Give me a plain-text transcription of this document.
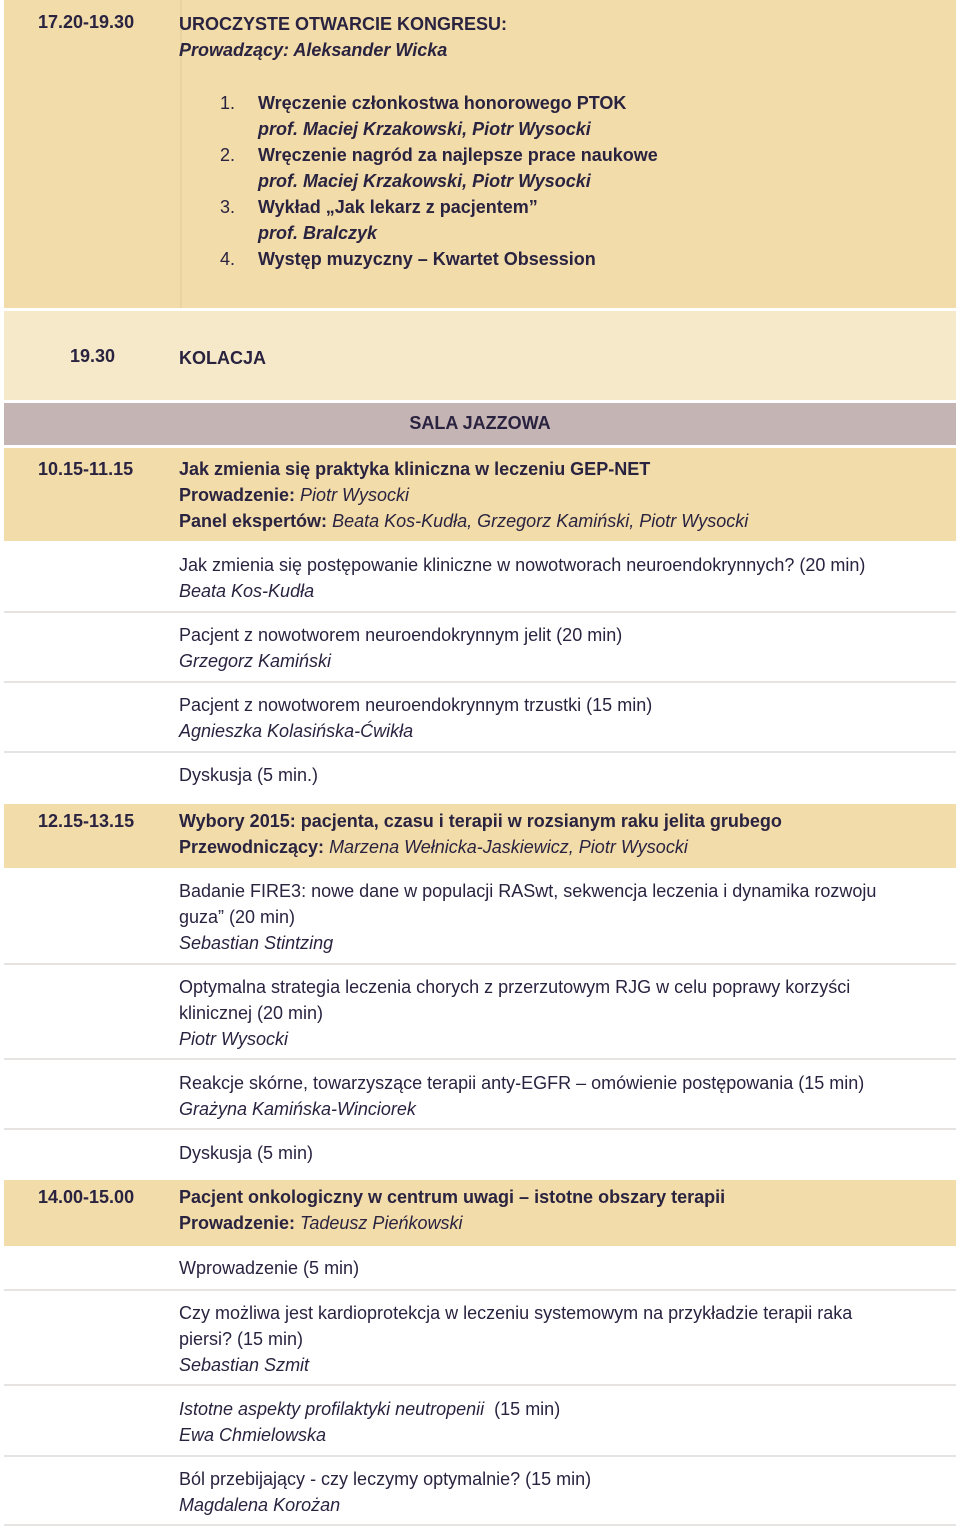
17.20-19.30 UROCZYSTE OTWARCIE KONGRESU:
Prowadzący: Aleksander Wicka
1. Wręczenie członkostwa honorowego PTOK
prof. Maciej Krzakowski, Piotr Wysocki
2. Wręczenie nagród za najlepsze prace naukowe
prof. Maciej Krzakowski, Piotr Wysocki
3. Wykład „Jak lekarz z pacjentem”
prof. Bralczyk
4. Występ muzyczny – Kwartet Obsession
19.30	KOLACJA
SALA JAZZOWA
10.15-11.15	Jak zmienia się praktyka kliniczna w leczeniu GEP-NET
Prowadzenie: Piotr Wysocki
Panel ekspertów: Beata Kos-Kudła, Grzegorz Kamiński, Piotr Wysocki
Jak zmienia się postępowanie kliniczne w nowotworach neuroendokrynnych? (20 min)
Beata Kos-Kudła
Pacjent z nowotworem neuroendokrynnym jelit (20 min)
Grzegorz Kamiński
Pacjent z nowotworem neuroendokrynnym trzustki (15 min)
Agnieszka Kolasińska-Ćwikła
Dyskusja (5 min.)
12.15-13.15 Wybory 2015: pacjenta, czasu i terapii w rozsianym raku jelita grubego
Przewodniczący: Marzena Wełnicka-Jaskiewicz, Piotr Wysocki
Badanie FIRE3: nowe dane w populacji RASwt, sekwencja leczenia i dynamika rozwoju
guza” (20 min)
Sebastian Stintzing
Optymalna strategia leczenia chorych z przerzutowym RJG w celu poprawy korzyści
klinicznej (20 min)
Piotr Wysocki
Reakcje skórne, towarzyszące terapii anty-EGFR – omówienie postępowania (15 min)
Grażyna Kamińska-Winciorek
Dyskusja (5 min)
14.00-15.00 Pacjent onkologiczny w centrum uwagi – istotne obszary terapii
Prowadzenie: Tadeusz Pieńkowski
Wprowadzenie (5 min)
Czy możliwa jest kardioprotekcja w leczeniu systemowym na przykładzie terapii raka
piersi? (15 min)
Sebastian Szmit
Istotne aspekty profilaktyki neutropenii  (15 min)
Ewa Chmielowska
Ból przebijający - czy leczymy optymalnie? (15 min)
Magdalena Korożan
